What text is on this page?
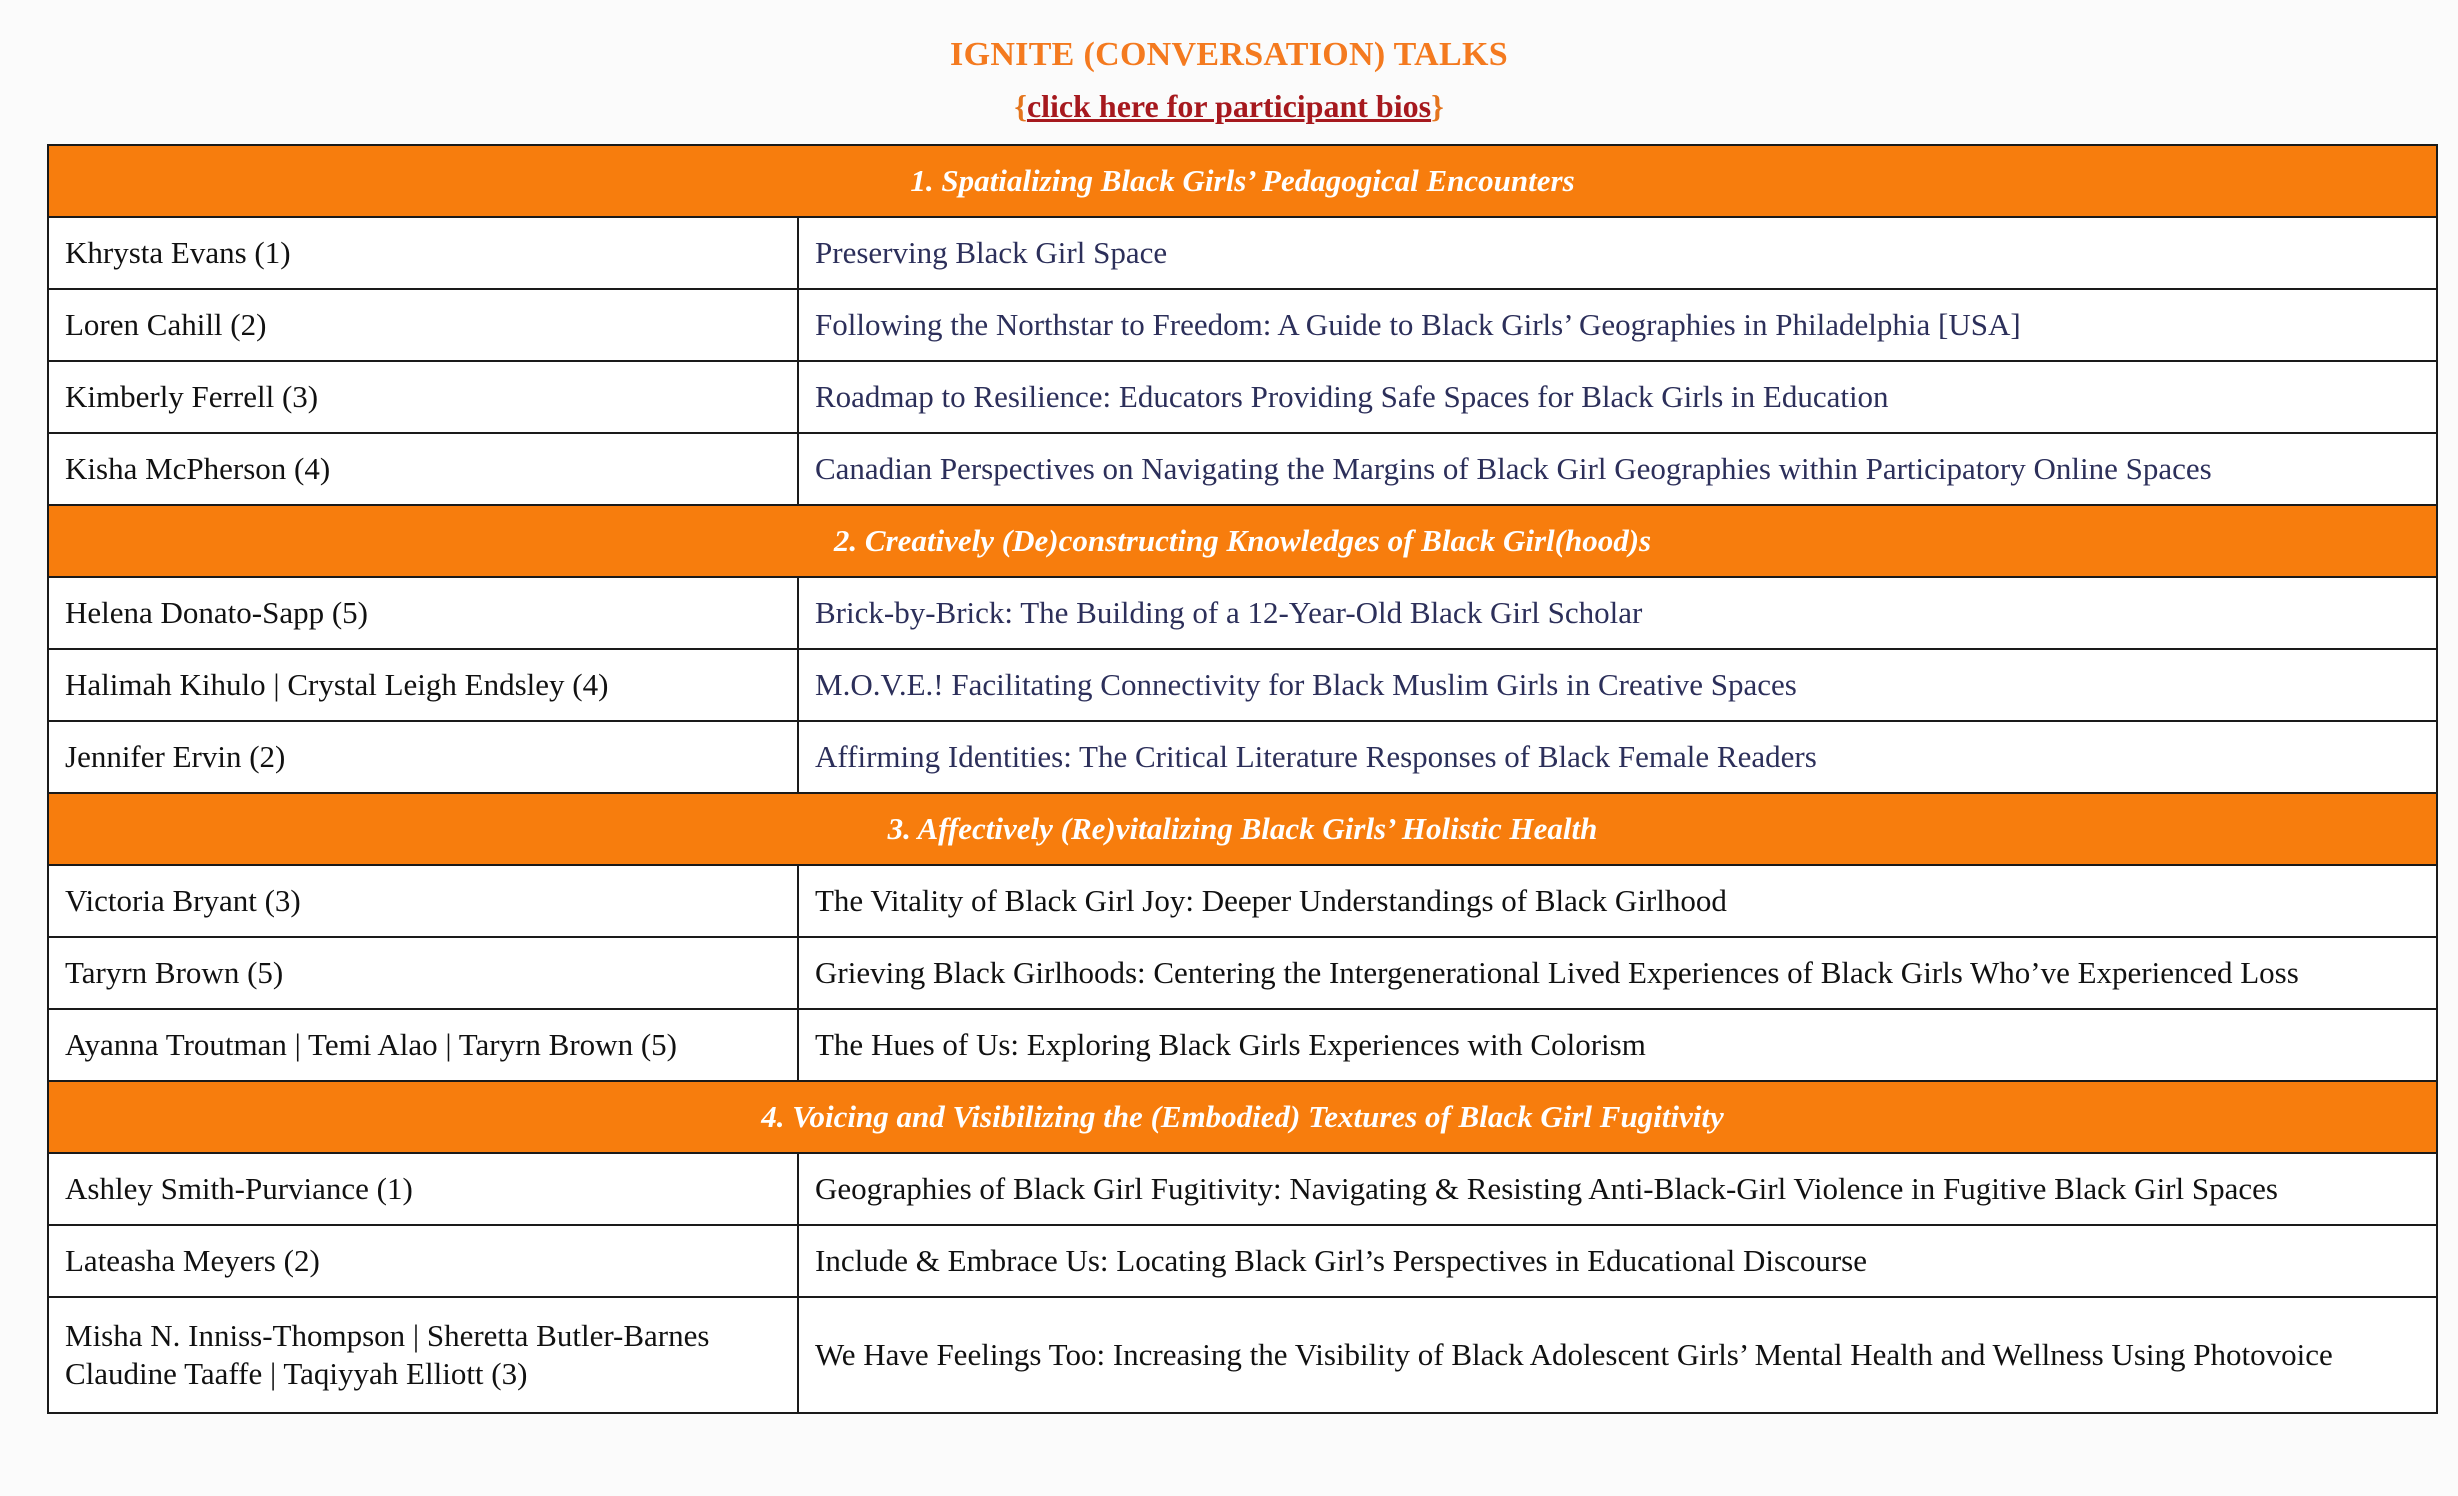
IGNITE (CONVERSATION) TALKS
{click here for participant bios}
1. Spatializing Black Girls’ Pedagogical Encounters	
Khrysta Evans (1)	Preserving Black Girl Space
Loren Cahill (2)	Following the Northstar to Freedom: A Guide to Black Girls’ Geographies in Philadelphia [USA]
Kimberly Ferrell (3)	Roadmap to Resilience: Educators Providing Safe Spaces for Black Girls in Education
Kisha McPherson (4)	Canadian Perspectives on Navigating the Margins of Black Girl Geographies within Participatory Online Spaces
2. Creatively (De)constructing Knowledges of Black Girl(hood)s	
Helena Donato-Sapp (5)	Brick-by-Brick: The Building of a 12-Year-Old Black Girl Scholar
Halimah Kihulo | Crystal Leigh Endsley (4)	M.O.V.E.! Facilitating Connectivity for Black Muslim Girls in Creative Spaces
Jennifer Ervin (2)	Affirming Identities: The Critical Literature Responses of Black Female Readers
3. Affectively (Re)vitalizing Black Girls’ Holistic Health	
Victoria Bryant (3)	The Vitality of Black Girl Joy: Deeper Understandings of Black Girlhood
Taryrn Brown (5)	Grieving Black Girlhoods: Centering the Intergenerational Lived Experiences of Black Girls Who’ve Experienced Loss
Ayanna Troutman | Temi Alao | Taryrn Brown (5)	The Hues of Us: Exploring Black Girls Experiences with Colorism
4. Voicing and Visibilizing the (Embodied) Textures of Black Girl Fugitivity	
Ashley Smith-Purviance (1)	Geographies of Black Girl Fugitivity: Navigating & Resisting Anti-Black-Girl Violence in Fugitive Black Girl Spaces
Lateasha Meyers (2)	Include & Embrace Us: Locating Black Girl’s Perspectives in Educational Discourse

Misha N. Inniss-Thompson | Sheretta Butler-Barnes
Claudine Taaffe | Taqiyyah Elliott (3)	We Have Feelings Too: Increasing the Visibility of Black Adolescent Girls’ Mental Health and Wellness Using Photovoice
